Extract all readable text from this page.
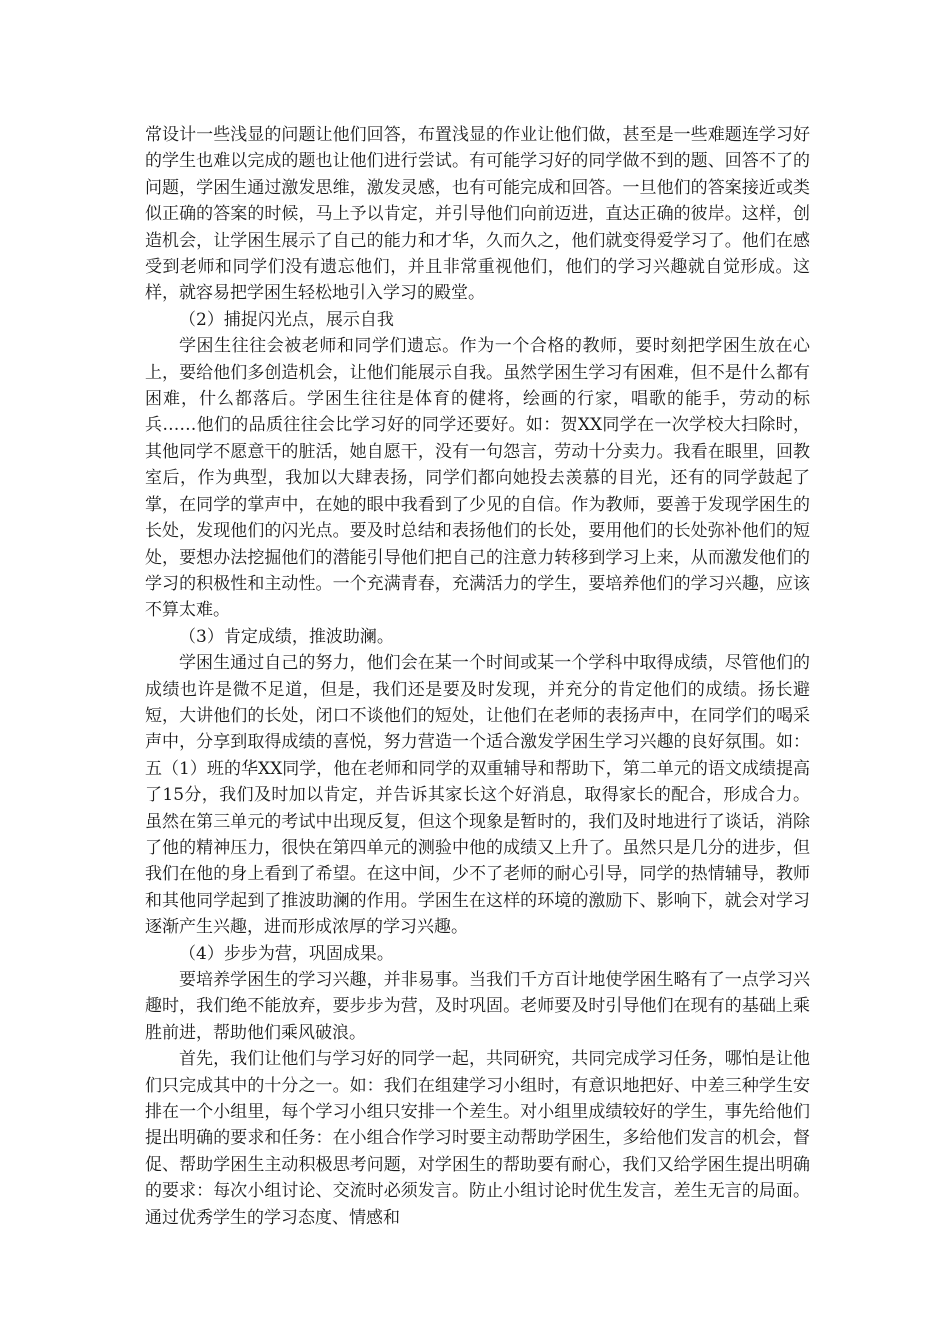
常设计一些浅显的问题让他们回答，布置浅显的作业让他们做，甚至是一些难题连学习好的学生也难以完成的题也让他们进行尝试。有可能学习好的同学做不到的题、回答不了的问题，学困生通过激发思维，激发灵感，也有可能完成和回答。一旦他们的答案接近或类似正确的答案的时候，马上予以肯定，并引导他们向前迈进，直达正确的彼岸。这样，创造机会，让学困生展示了自己的能力和才华，久而久之，他们就变得爱学习了。他们在感受到老师和同学们没有遗忘他们，并且非常重视他们，他们的学习兴趣就自觉形成。这样，就容易把学困生轻松地引入学习的殿堂。

（2）捕捉闪光点，展示自我

学困生往往会被老师和同学们遗忘。作为一个合格的教师，要时刻把学困生放在心上，要给他们多创造机会，让他们能展示自我。虽然学困生学习有困难，但不是什么都有困难，什么都落后。学困生往往是体育的健将，绘画的行家，唱歌的能手，劳动的标兵……他们的品质往往会比学习好的同学还要好。如：贺XX同学在一次学校大扫除时，其他同学不愿意干的脏活，她自愿干，没有一句怨言，劳动十分卖力。我看在眼里，回教室后，作为典型，我加以大肆表扬，同学们都向她投去羡慕的目光，还有的同学鼓起了掌，在同学的掌声中，在她的眼中我看到了少见的自信。作为教师，要善于发现学困生的长处，发现他们的闪光点。要及时总结和表扬他们的长处，要用他们的长处弥补他们的短处，要想办法挖掘他们的潜能引导他们把自己的注意力转移到学习上来，从而激发他们的学习的积极性和主动性。一个充满青春，充满活力的学生，要培养他们的学习兴趣，应该不算太难。

（3）肯定成绩，推波助澜。

学困生通过自己的努力，他们会在某一个时间或某一个学科中取得成绩，尽管他们的成绩也许是微不足道，但是，我们还是要及时发现，并充分的肯定他们的成绩。扬长避短，大讲他们的长处，闭口不谈他们的短处，让他们在老师的表扬声中，在同学们的喝采声中，分享到取得成绩的喜悦，努力营造一个适合激发学困生学习兴趣的良好氛围。如：五（1）班的华XX同学，他在老师和同学的双重辅导和帮助下，第二单元的语文成绩提高了15分，我们及时加以肯定，并告诉其家长这个好消息，取得家长的配合，形成合力。虽然在第三单元的考试中出现反复，但这个现象是暂时的，我们及时地进行了谈话，消除了他的精神压力，很快在第四单元的测验中他的成绩又上升了。虽然只是几分的进步，但我们在他的身上看到了希望。在这中间，少不了老师的耐心引导，同学的热情辅导，教师和其他同学起到了推波助澜的作用。学困生在这样的环境的激励下、影响下，就会对学习逐渐产生兴趣，进而形成浓厚的学习兴趣。

（4）步步为营，巩固成果。

要培养学困生的学习兴趣，并非易事。当我们千方百计地使学困生略有了一点学习兴趣时，我们绝不能放弃，要步步为营，及时巩固。老师要及时引导他们在现有的基础上乘胜前进，帮助他们乘风破浪。

首先，我们让他们与学习好的同学一起，共同研究，共同完成学习任务，哪怕是让他们只完成其中的十分之一。如：我们在组建学习小组时，有意识地把好、中差三种学生安排在一个小组里，每个学习小组只安排一个差生。对小组里成绩较好的学生，事先给他们提出明确的要求和任务：在小组合作学习时要主动帮助学困生，多给他们发言的机会，督促、帮助学困生主动积极思考问题，对学困生的帮助要有耐心，我们又给学困生提出明确的要求：每次小组讨论、交流时必须发言。防止小组讨论时优生发言，差生无言的局面。通过优秀学生的学习态度、情感和
